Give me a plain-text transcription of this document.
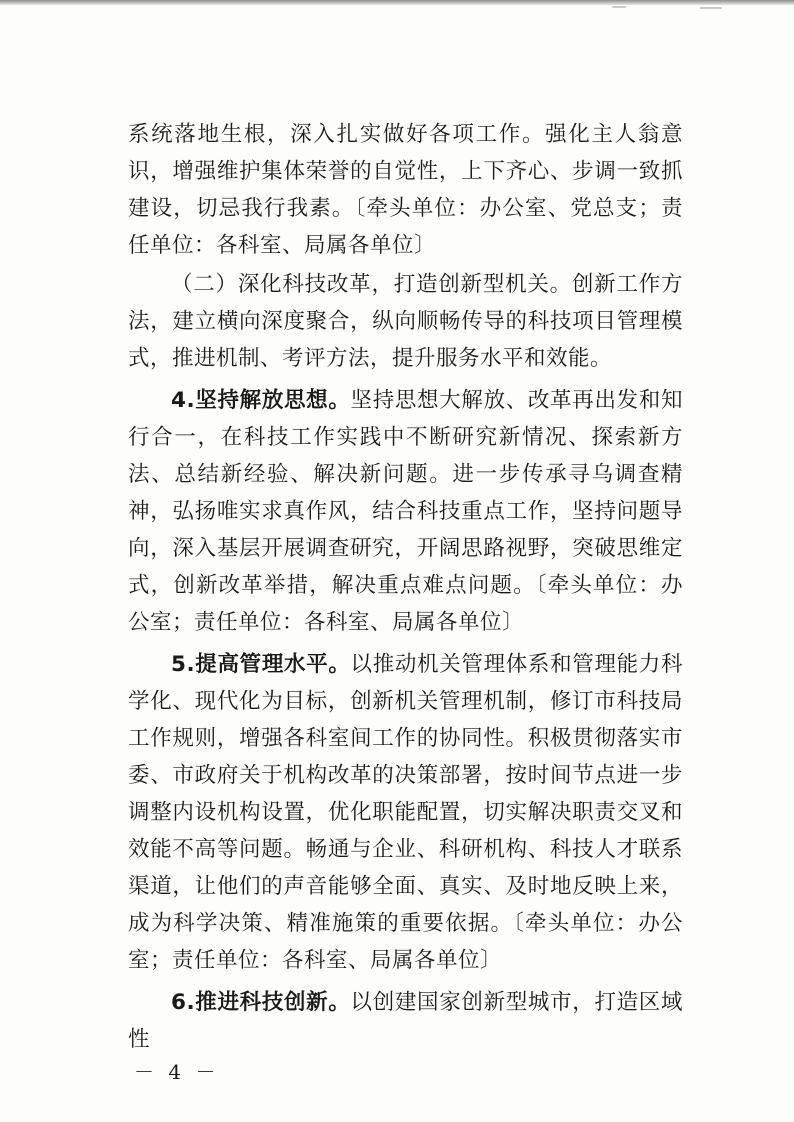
系统落地生根，深入扎实做好各项工作。强化主人翁意识，增强维护集体荣誉的自觉性，上下齐心、步调一致抓建设，切忌我行我素。〔牵头单位：办公室、党总支；责任单位：各科室、局属各单位〕

（二）深化科技改革，打造创新型机关。创新工作方法，建立横向深度聚合，纵向顺畅传导的科技项目管理模式，推进机制、考评方法，提升服务水平和效能。

4.坚持解放思想。坚持思想大解放、改革再出发和知行合一，在科技工作实践中不断研究新情况、探索新方法、总结新经验、解决新问题。进一步传承寻乌调查精神，弘扬唯实求真作风，结合科技重点工作，坚持问题导向，深入基层开展调查研究，开阔思路视野，突破思维定式，创新改革举措，解决重点难点问题。〔牵头单位：办公室；责任单位：各科室、局属各单位〕

5.提高管理水平。以推动机关管理体系和管理能力科学化、现代化为目标，创新机关管理机制，修订市科技局工作规则，增强各科室间工作的协同性。积极贯彻落实市委、市政府关于机构改革的决策部署，按时间节点进一步调整内设机构设置，优化职能配置，切实解决职责交叉和效能不高等问题。畅通与企业、科研机构、科技人才联系渠道，让他们的声音能够全面、真实、及时地反映上来，成为科学决策、精准施策的重要依据。〔牵头单位：办公室；责任单位：各科室、局属各单位〕

6.推进科技创新。以创建国家创新型城市，打造区域性

－ 4 －
